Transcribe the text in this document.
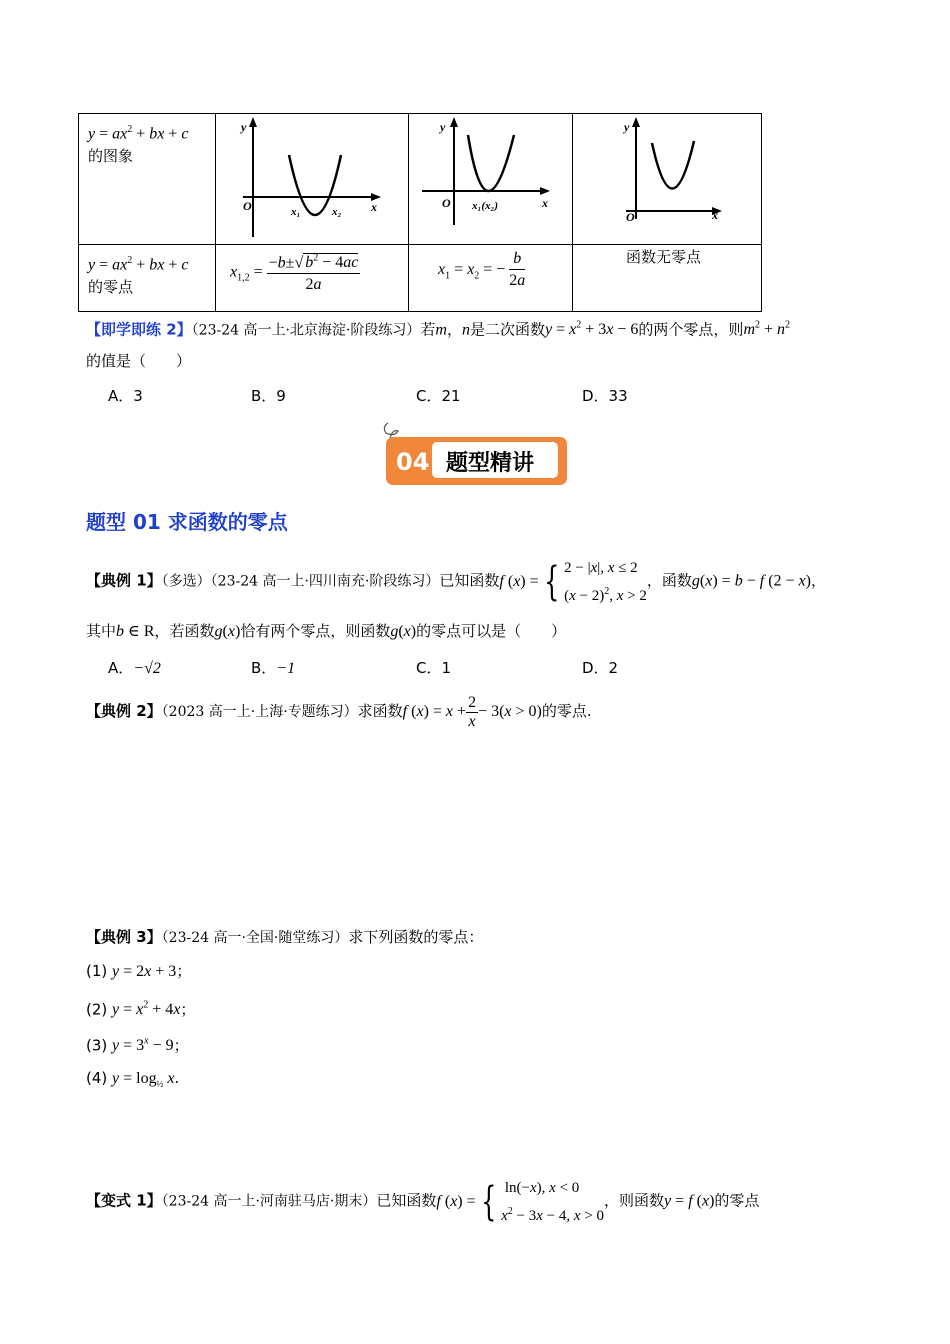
$y = ax^2$ + bx + c
的图象
y
O	x₁	x₂ x
y
O x₁(x₂)	x
y
O	x
$y = ax^2$ + bx + c
的零点
$x_{1,2} = \frac{-b\pm√ b^2 - 4ac}{2a}$	$x_1 = x_2$ = − $\frac{b}{2a}$	函数无零点
【即学即练 2】（23-24 高一上·北京海淀·阶段练习）若m，n是二次函数$y = x^2 + 3x - 6$的两个零点，则$m^2 + n^2$
的值是（　　）
A．3	B．9	C．21	D．33
04 题型精讲
题型 01 求函数的零点
【典例 1】（多选）（23-24 高一上·四川南充·阶段练习）已知函数f (x) = { 2 − |x|, x ≤ 2
$(x - 2)^2$, x > 2
，函数g(x) = b − f (2 − x)，
其中b ∈ R，若函数g(x)恰有两个零点，则函数g(x)的零点可以是（　　）
A．−√2	B．−1	C．1	D．2
【典例 2】（2023 高一上·上海·专题练习）求函数f $(x) = x + \frac{2}{x} - 3(x > 0)$的零点.
【典例 3】（23-24 高一·全国·随堂练习）求下列函数的零点：
(1) y = 2x + 3；
(2) $y = x^2 + 4x$；
(3) $y = 3^x - 9$；
(4) $y = \log_{\frac{1}{2}} x$.
【变式 1】（23-24 高一上·河南驻马店·期末）已知函数f (x) = { ln(−x), x < 0
$x^2 - 3x - 4$, x > 0
，则函数y = f (x)的零点
